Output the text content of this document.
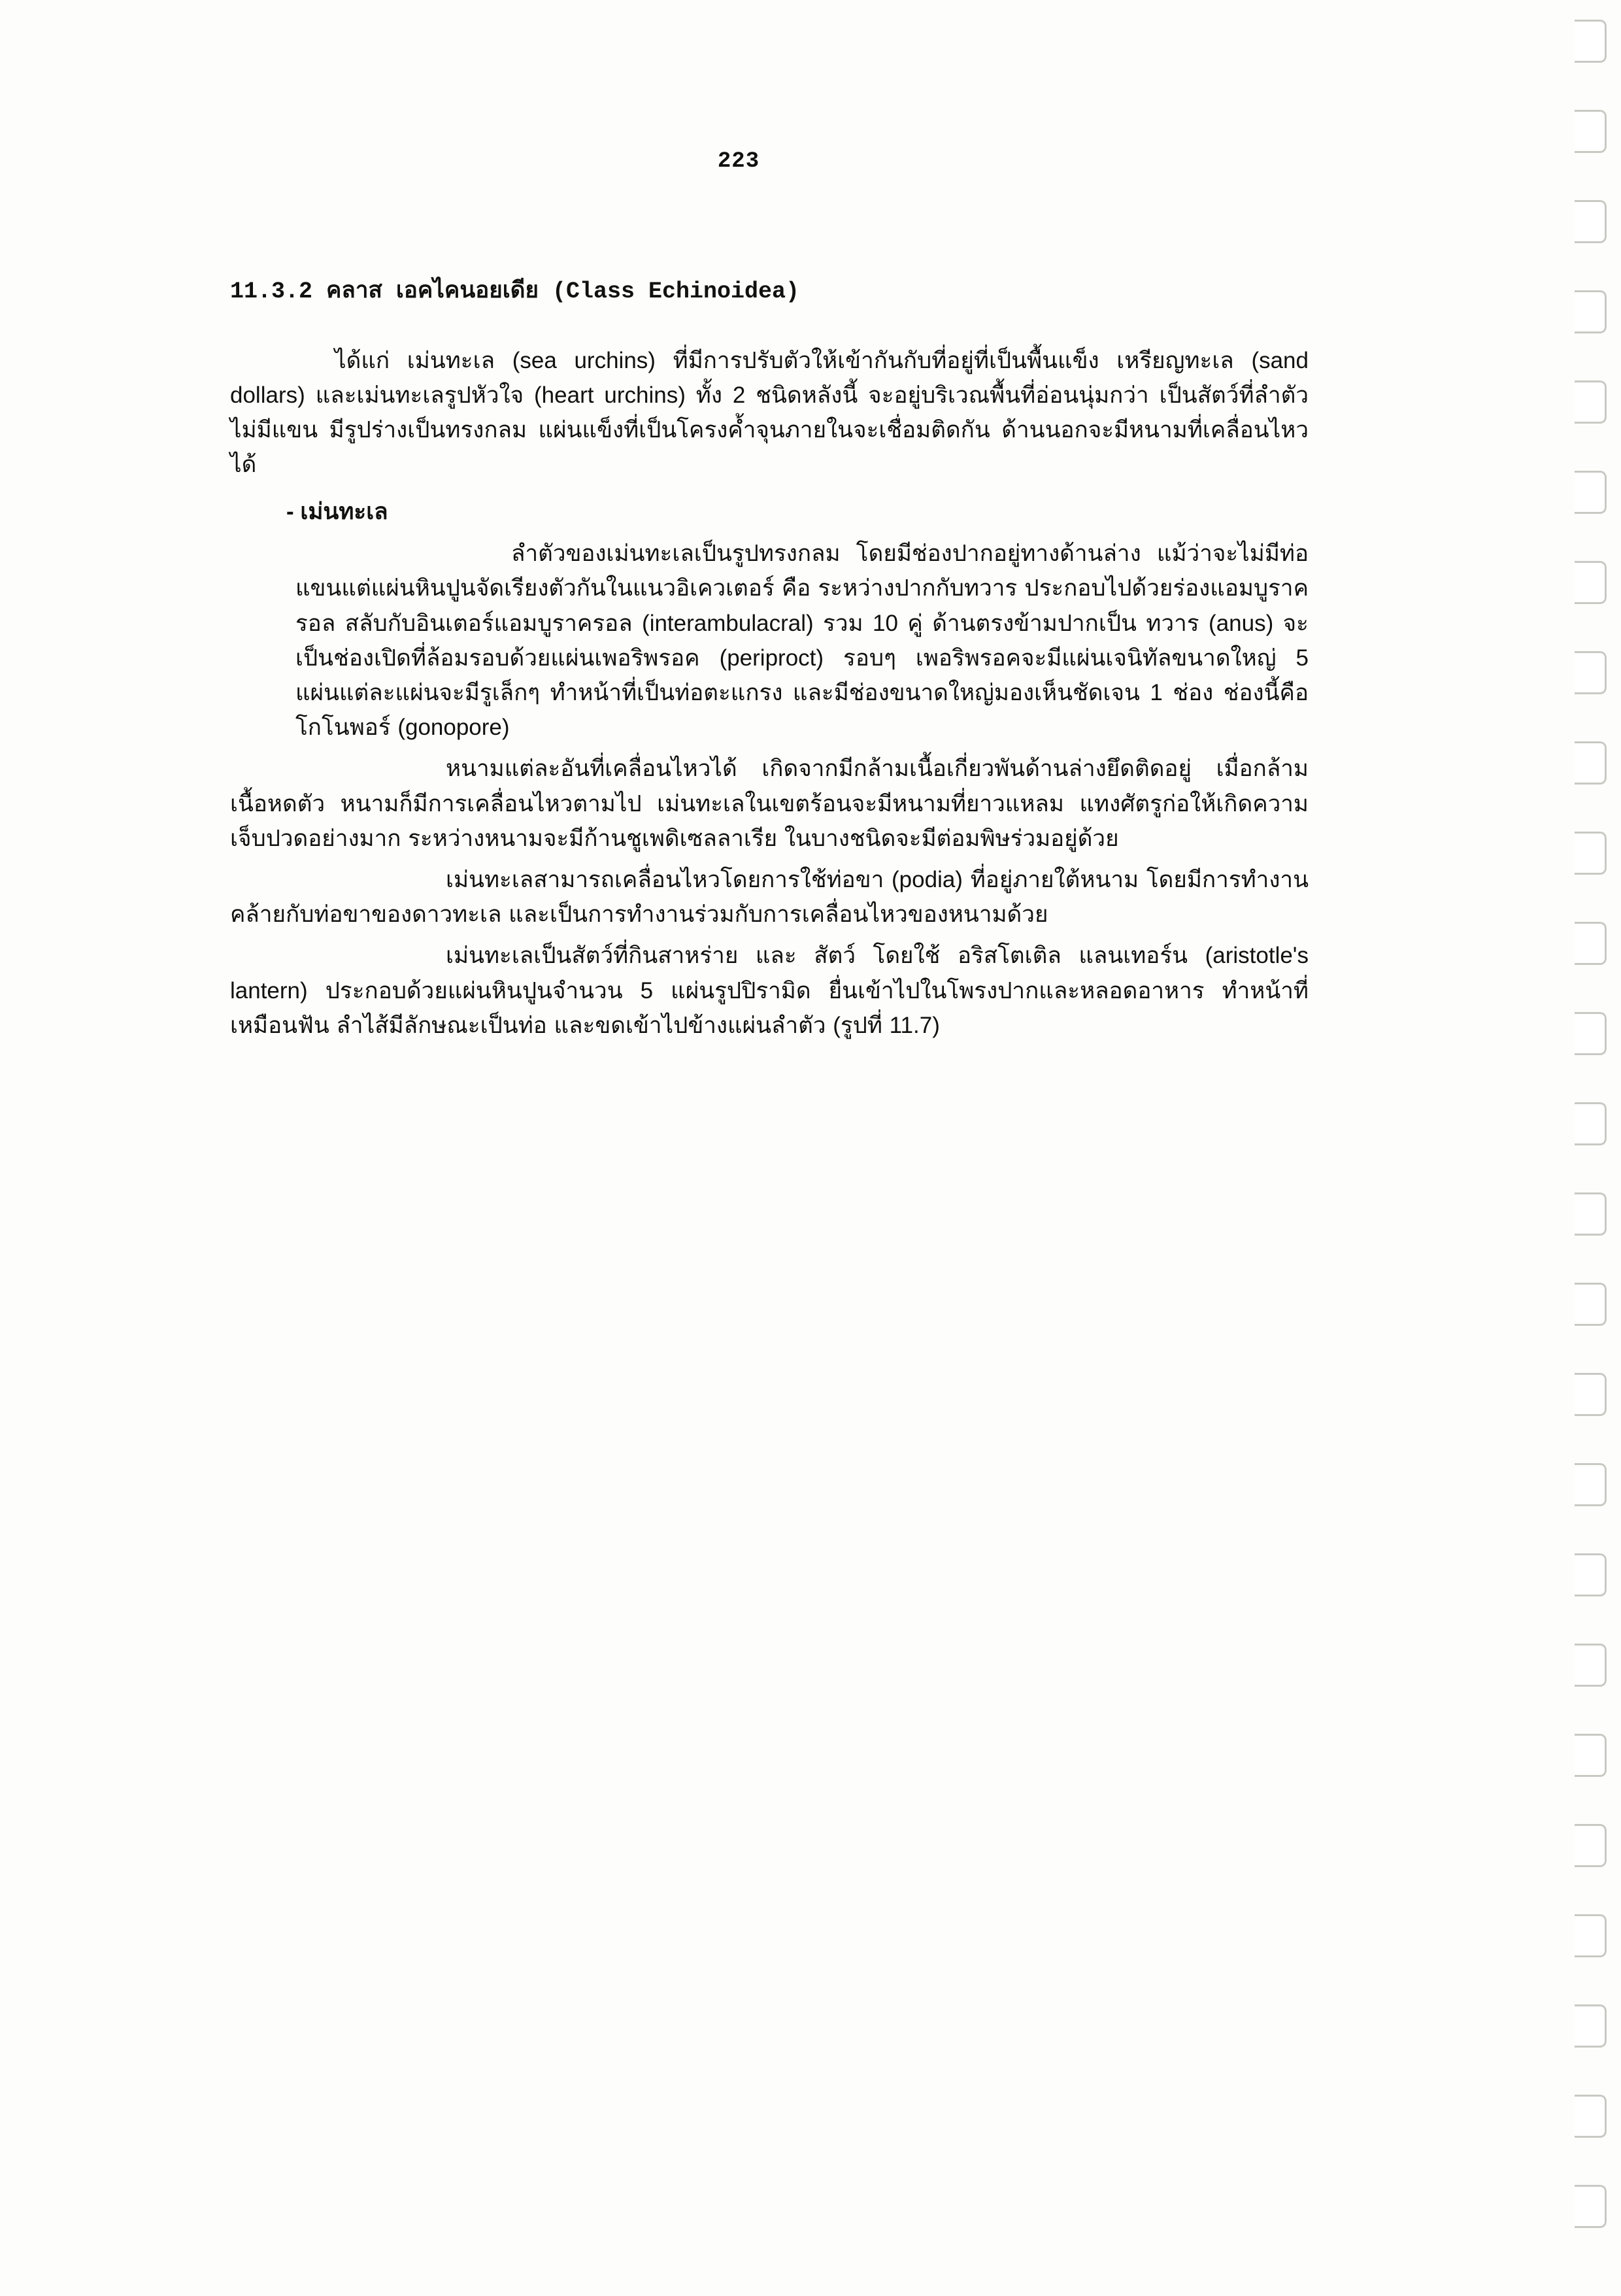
223
11.3.2 คลาส เอคไคนอยเดีย (Class Echinoidea)

ได้แก่ เม่นทะเล (sea urchins) ที่มีการปรับตัวให้เข้ากันกับที่อยู่ที่เป็นพื้นแข็ง เหรียญทะเล (sand dollars) และเม่นทะเลรูปหัวใจ (heart urchins) ทั้ง 2 ชนิดหลังนี้ จะอยู่บริเวณพื้นที่อ่อนนุ่มกว่า เป็นสัตว์ที่ลำตัวไม่มีแขน มีรูปร่างเป็นทรงกลม แผ่นแข็งที่เป็นโครงค้ำจุนภายในจะเชื่อมติดกัน ด้านนอกจะมีหนามที่เคลื่อนไหวได้

- เม่นทะเล

ลำตัวของเม่นทะเลเป็นรูปทรงกลม โดยมีช่องปากอยู่ทางด้านล่าง แม้ว่าจะไม่มีท่อแขนแต่แผ่นหินปูนจัดเรียงตัวกันในแนวอิเควเตอร์ คือ ระหว่างปากกับทวาร ประกอบไปด้วยร่องแอมบูราครอล สลับกับอินเตอร์แอมบูราครอล (interambulacral) รวม 10 คู่ ด้านตรงข้ามปากเป็น ทวาร (anus) จะเป็นช่องเปิดที่ล้อมรอบด้วยแผ่นเพอริพรอค (periproct) รอบๆ เพอริพรอคจะมีแผ่นเจนิทัลขนาดใหญ่ 5 แผ่นแต่ละแผ่นจะมีรูเล็กๆ ทำหน้าที่เป็นท่อตะแกรง และมีช่องขนาดใหญ่มองเห็นชัดเจน 1 ช่อง ช่องนี้คือโกโนพอร์ (gonopore)

หนามแต่ละอันที่เคลื่อนไหวได้ เกิดจากมีกล้ามเนื้อเกี่ยวพันด้านล่างยึดติดอยู่ เมื่อกล้ามเนื้อหดตัว หนามก็มีการเคลื่อนไหวตามไป เม่นทะเลในเขตร้อนจะมีหนามที่ยาวแหลม แทงศัตรูก่อให้เกิดความเจ็บปวดอย่างมาก ระหว่างหนามจะมีก้านชูเพดิเซลลาเรีย ในบางชนิดจะมีต่อมพิษร่วมอยู่ด้วย

เม่นทะเลสามารถเคลื่อนไหวโดยการใช้ท่อขา (podia) ที่อยู่ภายใต้หนาม โดยมีการทำงานคล้ายกับท่อขาของดาวทะเล และเป็นการทำงานร่วมกับการเคลื่อนไหวของหนามด้วย

เม่นทะเลเป็นสัตว์ที่กินสาหร่าย และ สัตว์ โดยใช้ อริสโตเติล แลนเทอร์น (aristotle's lantern) ประกอบด้วยแผ่นหินปูนจำนวน 5 แผ่นรูปปิรามิด ยื่นเข้าไปในโพรงปากและหลอดอาหาร ทำหน้าที่เหมือนฟัน ลำไส้มีลักษณะเป็นท่อ และขดเข้าไปข้างแผ่นลำตัว (รูปที่ 11.7)
